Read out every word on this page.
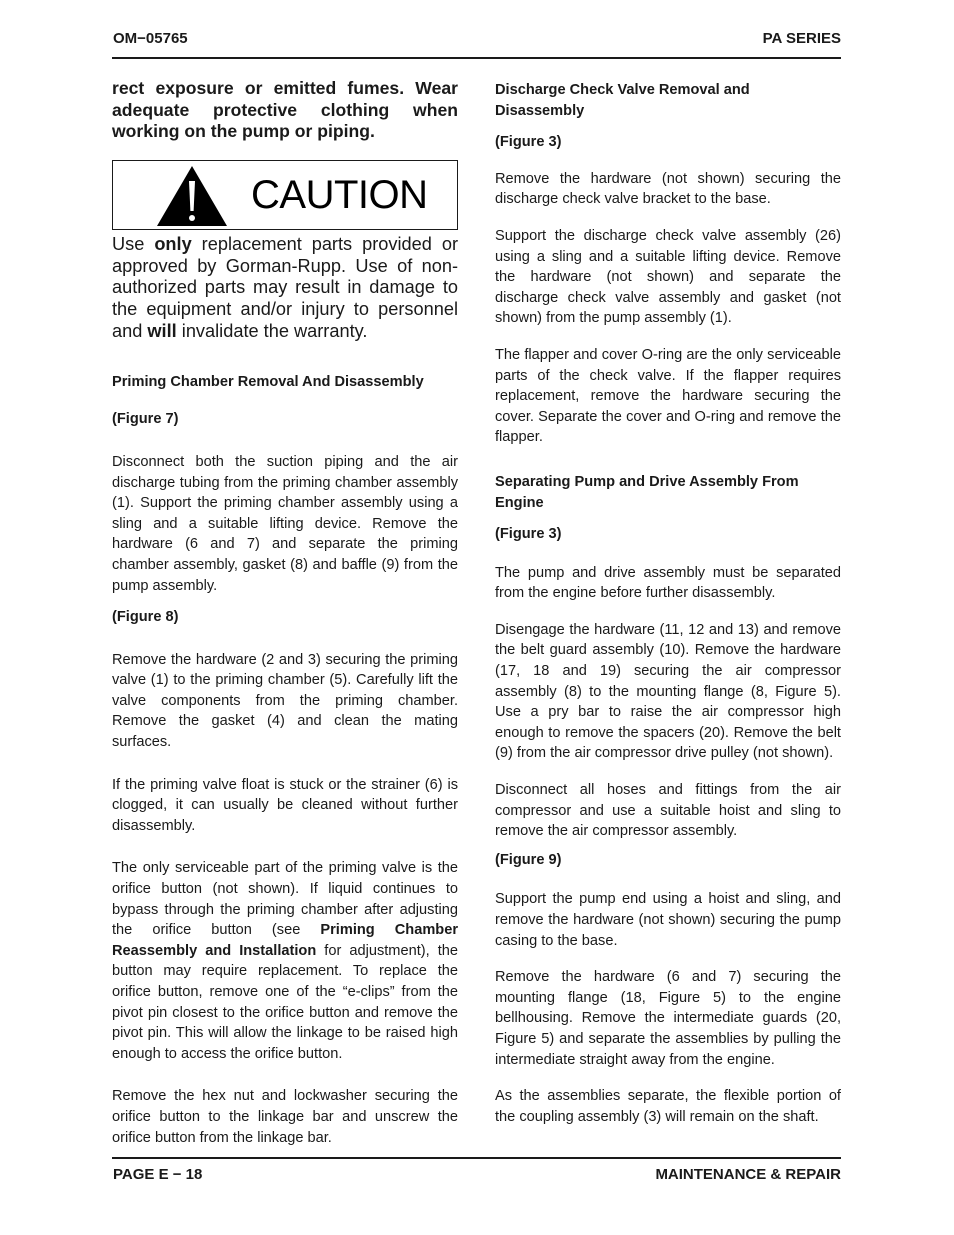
OM−05765	PA SERIES

rect exposure or emitted fumes. Wear adequate protective clothing when working on the pump or piping.

CAUTION

Use only replacement parts provided or approved by Gorman-Rupp. Use of non-authorized parts may result in damage to the equipment and/or injury to personnel and will invalidate the warranty.

Priming Chamber Removal And Disassembly
(Figure 7)

Disconnect both the suction piping and the air discharge tubing from the priming chamber assembly (1). Support the priming chamber assembly using a sling and a suitable lifting device. Remove the hardware (6 and 7) and separate the priming chamber assembly, gasket (8) and baffle (9) from the pump assembly.

(Figure 8)

Remove the hardware (2 and 3) securing the priming valve (1) to the priming chamber (5). Carefully lift the valve components from the priming chamber. Remove the gasket (4) and clean the mating surfaces.

If the priming valve float is stuck or the strainer (6) is clogged, it can usually be cleaned without further disassembly.

The only serviceable part of the priming valve is the orifice button (not shown). If liquid continues to bypass through the priming chamber after adjusting the orifice button (see Priming Chamber Reassembly and Installation for adjustment), the button may require replacement. To replace the orifice button, remove one of the “e-clips” from the pivot pin closest to the orifice button and remove the pivot pin. This will allow the linkage to be raised high enough to access the orifice button.

Remove the hex nut and lockwasher securing the orifice button to the linkage bar and unscrew the orifice button from the linkage bar.

Discharge Check Valve Removal and Disassembly
(Figure 3)

Remove the hardware (not shown) securing the discharge check valve bracket to the base.

Support the discharge check valve assembly (26) using a sling and a suitable lifting device. Remove the hardware (not shown) and separate the discharge check valve assembly and gasket (not shown) from the pump assembly (1).

The flapper and cover O-ring are the only serviceable parts of the check valve. If the flapper requires replacement, remove the hardware securing the cover. Separate the cover and O-ring and remove the flapper.

Separating Pump and Drive Assembly From Engine
(Figure 3)

The pump and drive assembly must be separated from the engine before further disassembly.

Disengage the hardware (11, 12 and 13) and remove the belt guard assembly (10). Remove the hardware (17, 18 and 19) securing the air compressor assembly (8) to the mounting flange (8, Figure 5). Use a pry bar to raise the air compressor high enough to remove the spacers (20). Remove the belt (9) from the air compressor drive pulley (not shown).

Disconnect all hoses and fittings from the air compressor and use a suitable hoist and sling to remove the air compressor assembly.

(Figure 9)

Support the pump end using a hoist and sling, and remove the hardware (not shown) securing the pump casing to the base.

Remove the hardware (6 and 7) securing the mounting flange (18, Figure 5) to the engine bellhousing. Remove the intermediate guards (20, Figure 5) and separate the assemblies by pulling the intermediate straight away from the engine.

As the assemblies separate, the flexible portion of the coupling assembly (3) will remain on the shaft.

PAGE E − 18	MAINTENANCE & REPAIR
